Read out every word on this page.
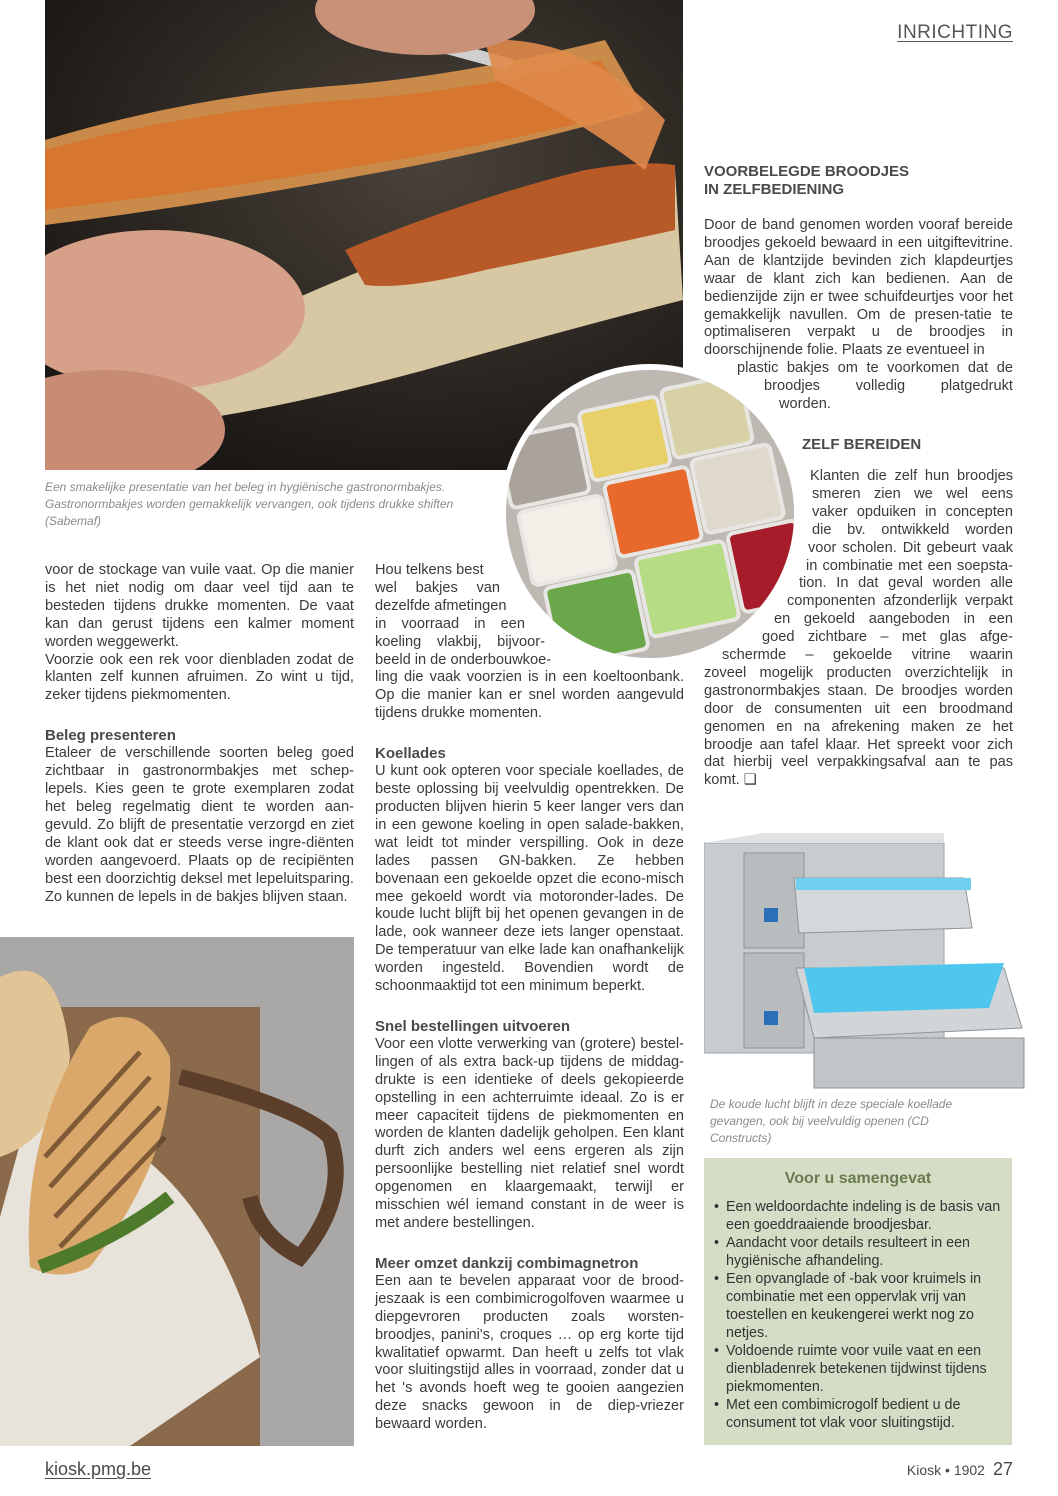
INRICHTING
Een smakelijke presentatie van het beleg in hygiënische gastronormbakjes. Gastronormbakjes worden gemakkelijk vervangen, ook tijdens drukke shiften (Sabemaf)

voor de stockage van vuile vaat. Op die manier is het niet nodig om daar veel tijd aan te besteden tijdens drukke momenten. De vaat kan dan gerust tijdens een kalmer moment worden weggewerkt.

Voorzie ook een rek voor dienbladen zodat de klanten zelf kunnen afruimen. Zo wint u tijd, zeker tijdens piekmomenten.

Beleg presenteren

Etaleer de verschillende soorten beleg goed zichtbaar in gastronormbakjes met schep-lepels. Kies geen te grote exemplaren zodat het beleg regelmatig dient te worden aan-gevuld. Zo blijft de presentatie verzorgd en ziet de klant ook dat er steeds verse ingre-diënten worden aangevoerd. Plaats op de recipiënten best een doorzichtig deksel met lepeluitsparing. Zo kunnen de lepels in de bakjes blijven staan.

Hou telkens best
wel bakjes van
dezelfde afmetingen
in voorraad in een
koeling vlakbij, bijvoor-
beeld in de onderbouwkoe-

ling die vaak voorzien is in een koeltoonbank. Op die manier kan er snel worden aangevuld tijdens drukke momenten.

Koellades

U kunt ook opteren voor speciale koellades, de beste oplossing bij veelvuldig opentrekken. De producten blijven hierin 5 keer langer vers dan in een gewone koeling in open salade-bakken, wat leidt tot minder verspilling. Ook in deze lades passen GN-bakken. Ze hebben bovenaan een gekoelde opzet die econo-misch mee gekoeld wordt via motoronder-lades. De koude lucht blijft bij het openen gevangen in de lade, ook wanneer deze iets langer openstaat. De temperatuur van elke lade kan onafhankelijk worden ingesteld. Bovendien wordt de schoonmaaktijd tot een minimum beperkt.

Snel bestellingen uitvoeren

Voor een vlotte verwerking van (grotere) bestel-lingen of als extra back-up tijdens de middag-drukte is een identieke of deels gekopieerde opstelling in een achterruimte ideaal. Zo is er meer capaciteit tijdens de piekmomenten en worden de klanten dadelijk geholpen. Een klant durft zich anders wel eens ergeren als zijn persoonlijke bestelling niet relatief snel wordt opgenomen en klaargemaakt, terwijl er misschien wél iemand constant in de weer is met andere bestellingen.

Meer omzet dankzij combimagnetron

Een aan te bevelen apparaat voor de brood-jeszaak is een combimicrogolfoven waarmee u diepgevroren producten zoals worsten-broodjes, panini's, croques … op erg korte tijd kwalitatief opwarmt. Dan heeft u zelfs tot vlak voor sluitingstijd alles in voorraad, zonder dat u het 's avonds hoeft weg te gooien aangezien deze snacks gewoon in de diep-vriezer bewaard worden.

VOORBELEGDE BROODJES

IN ZELFBEDIENING

Door de band genomen worden vooraf bereide broodjes gekoeld bewaard in een uitgiftevitrine. Aan de klantzijde bevinden zich klapdeurtjes waar de klant zich kan bedienen. Aan de bedienzijde zijn er twee schuifdeurtjes voor het gemakkelijk navullen. Om de presen-tatie te optimaliseren verpakt u de broodjes in doorschijnende folie. Plaats ze eventueel in

plastic bakjes om te voorkomen dat de
broodjes volledig platgedrukt
worden.

ZELF BEREIDEN

Klanten die zelf hun broodjes
smeren zien we wel eens
vaker opduiken in concepten
die bv. ontwikkeld worden
voor scholen. Dit gebeurt vaak
in combinatie met een soepsta-
tion. In dat geval worden alle
componenten afzonderlijk verpakt
en gekoeld aangeboden in een
goed zichtbare – met glas afge-
schermde – gekoelde vitrine waarin

zoveel mogelijk producten overzichtelijk in gastronormbakjes staan. De broodjes worden door de consumenten uit een broodmand genomen en na afrekening maken ze het broodje aan tafel klaar. Het spreekt voor zich dat hierbij veel verpakkingsafval aan te pas komt. ❑

De koude lucht blijft in deze speciale koellade gevangen, ook bij veelvuldig openen (CD Constructs)

Voor u samengevat

• Een weldoordachte indeling is de basis van een goeddraaiende broodjesbar.
• Aandacht voor details resulteert in een hygiënische afhandeling.
• Een opvanglade of -bak voor kruimels in combinatie met een oppervlak vrij van toestellen en keukengerei werkt nog zo netjes.
• Voldoende ruimte voor vuile vaat en een dienbladenrek betekenen tijdwinst tijdens piekmomenten.
• Met een combimicrogolf bedient u de consument tot vlak voor sluitingstijd.
kiosk.pmg.be	Kiosk • 1902 27
